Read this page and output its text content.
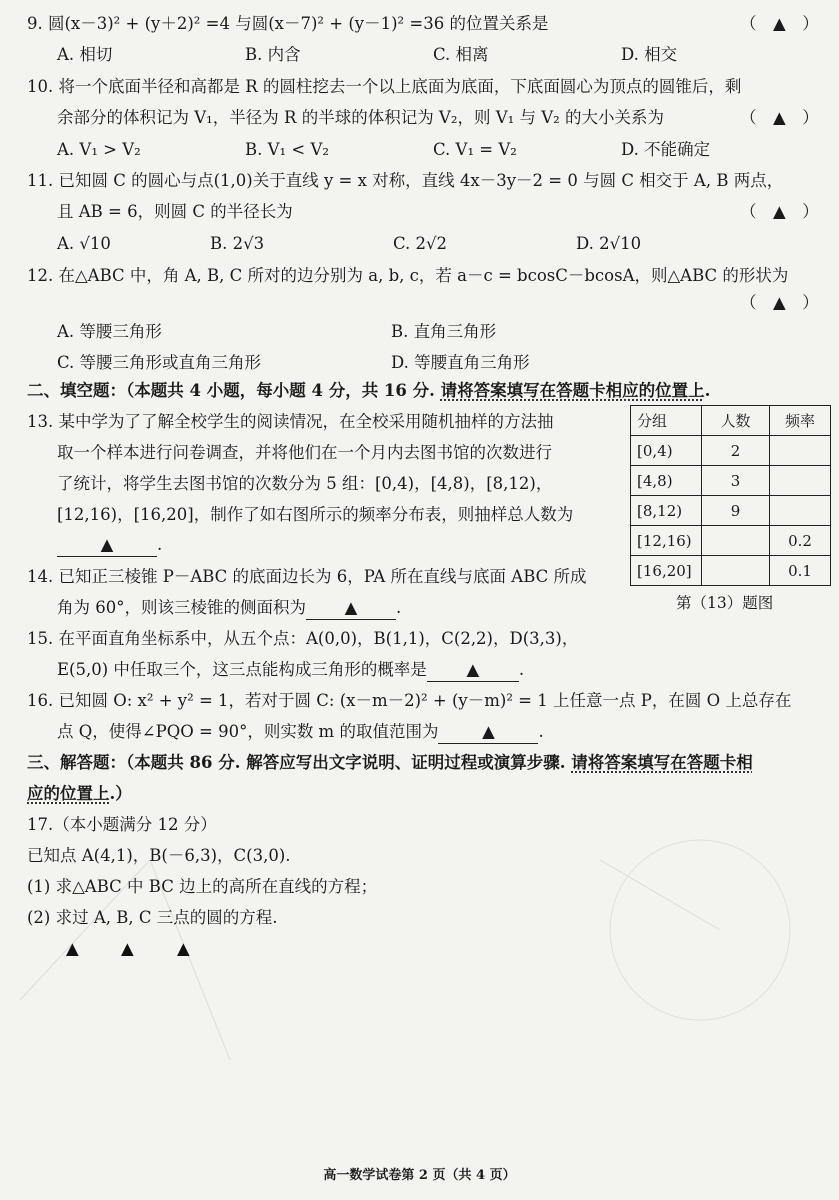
9. 圆(x－3)² + (y＋2)² =4 与圆(x－7)² + (y－1)² =36 的位置关系是	（　▲　）
A. 相切	B. 内含	C. 相离	D. 相交
10. 将一个底面半径和高都是 R 的圆柱挖去一个以上底面为底面，下底面圆心为顶点的圆锥后，剩
余部分的体积记为 V₁，半径为 R 的半球的体积记为 V₂，则 V₁ 与 V₂ 的大小关系为	（　▲　）
A. V₁ > V₂	B. V₁ < V₂	C. V₁ = V₂	D. 不能确定
11. 已知圆 C 的圆心与点(1,0)关于直线 y = x 对称，直线 4x－3y－2 = 0 与圆 C 相交于 A, B 两点，
且 AB = 6，则圆 C 的半径长为	（　▲　）
A. √10	B. 2√3	C. 2√2	D. 2√10
12. 在△ABC 中，角 A, B, C 所对的边分别为 a, b, c，若 a－c = bcosC－bcosA，则△ABC 的形状为
（　▲　）
A. 等腰三角形	B. 直角三角形
C. 等腰三角形或直角三角形	D. 等腰直角三角形
二、填空题：（本题共 4 小题，每小题 4 分，共 16 分. 请将答案填写在答题卡相应的位置上.
13. 某中学为了了解全校学生的阅读情况，在全校采用随机抽样的方法抽
取一个样本进行问卷调查，并将他们在一个月内去图书馆的次数进行
了统计，将学生去图书馆的次数分为 5 组：[0,4)，[4,8)，[8,12)，
[12,16)，[16,20]，制作了如右图所示的频率分布表，则抽样总人数为
▲	.
分组	人数	频率
[0,4)	2	
[4,8)	3	
[8,12)	9	
[12,16)		0.2
[16,20]		0.1
第（13）题图
14. 已知正三棱锥 P－ABC 的底面边长为 6，PA 所在直线与底面 ABC 所成
角为 60°，则该三棱锥的侧面积为 ▲ .
15. 在平面直角坐标系中，从五个点：A(0,0)，B(1,1)，C(2,2)，D(3,3)，
E(5,0) 中任取三个，这三点能构成三角形的概率是 ▲ .
16. 已知圆 O: x² + y² = 1，若对于圆 C: (x－m－2)² + (y－m)² = 1 上任意一点 P，在圆 O 上总存在
点 Q，使得∠PQO = 90°，则实数 m 的取值范围为	▲	.
三、解答题：（本题共 86 分. 解答应写出文字说明、证明过程或演算步骤. 请将答案填写在答题卡相
应的位置上.）
17.（本小题满分 12 分）
已知点 A(4,1)，B(－6,3)，C(3,0).
(1) 求△ABC 中 BC 边上的高所在直线的方程；
(2) 求过 A, B, C 三点的圆的方程.
▲	▲	▲
高一数学试卷第 2 页（共 4 页）
